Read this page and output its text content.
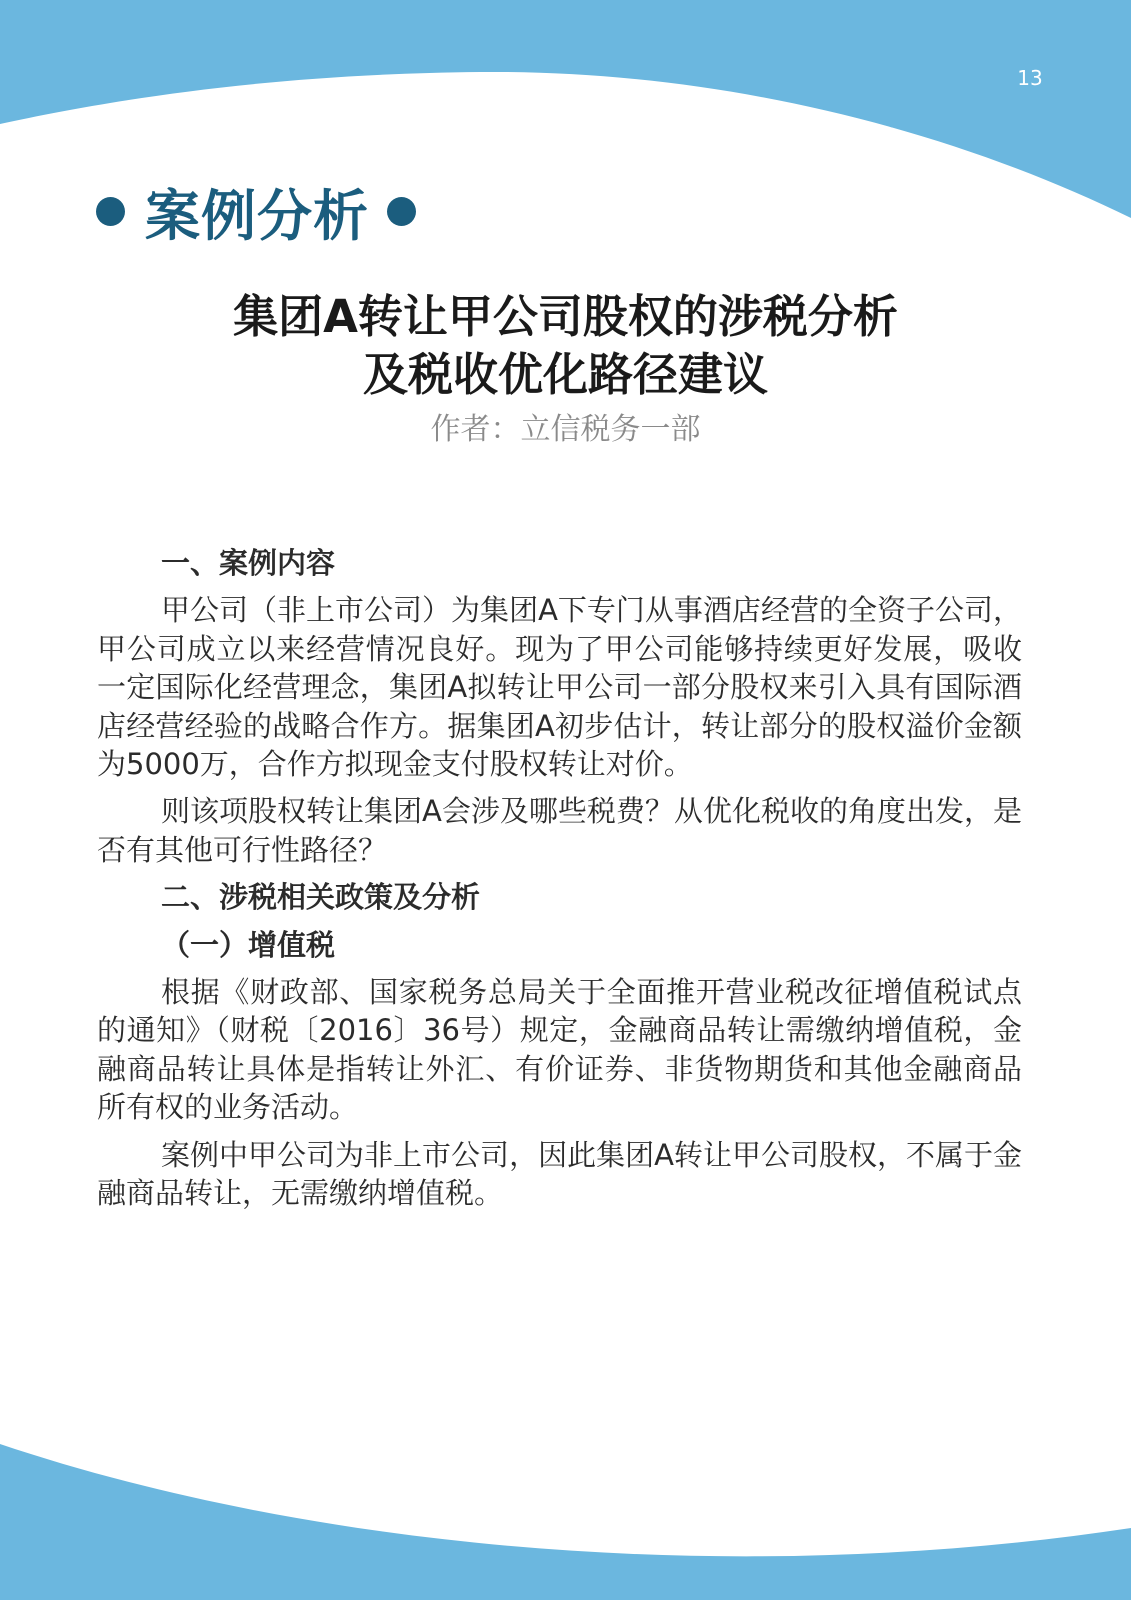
13
案例分析
集团A转让甲公司股权的涉税分析
及税收优化路径建议
作者：立信税务一部
一、案例内容

甲公司（非上市公司）为集团A下专门从事酒店经营的全资子公司，甲公司成立以来经营情况良好。现为了甲公司能够持续更好发展，吸收一定国际化经营理念，集团A拟转让甲公司一部分股权来引入具有国际酒店经营经验的战略合作方。据集团A初步估计，转让部分的股权溢价金额为5000万，合作方拟现金支付股权转让对价。

则该项股权转让集团A会涉及哪些税费？从优化税收的角度出发，是否有其他可行性路径？

二、涉税相关政策及分析
（一）增值税

根据《财政部、国家税务总局关于全面推开营业税改征增值税试点的通知》（财税〔2016〕36号）规定，金融商品转让需缴纳增值税，金融商品转让具体是指转让外汇、有价证券、非货物期货和其他金融商品所有权的业务活动。

案例中甲公司为非上市公司，因此集团A转让甲公司股权，不属于金融商品转让，无需缴纳增值税。
